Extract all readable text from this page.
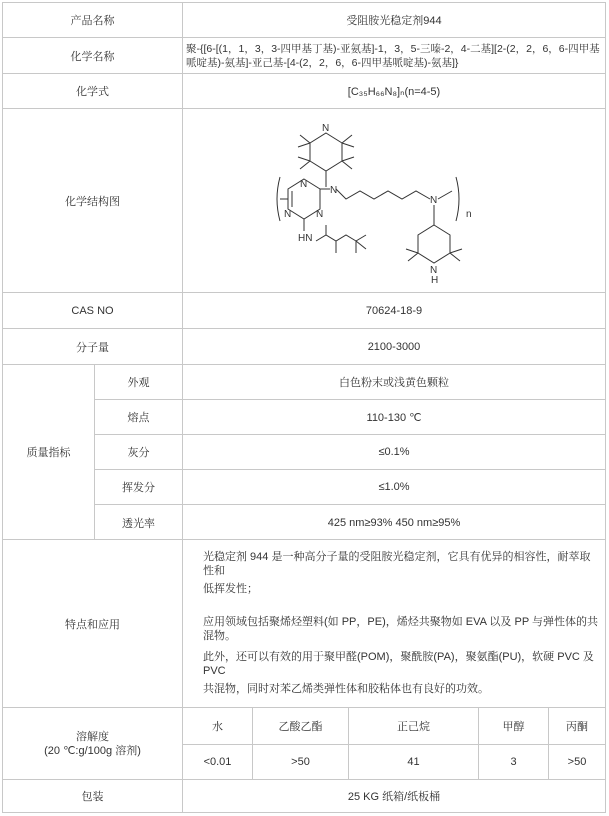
产品名称	受阻胺光稳定剂944
化学名称
聚-{[6-[(1，1，3，3-四甲基丁基)-亚氨基]-1，3，5-三嗪-2，4-二基][2-(2，2，6，6-四甲基哌啶基)-氨基]-亚己基-[4-(2，2，6，6-四甲基哌啶基)-氨基]}
化学式	[C₃₅H₆₆N₈]ₙ(n=4-5)
化学结构图
N
N
N
N N
N
n
N
H
HN
CAS NO	70624-18-9
分子量	2100-3000
质量指标
外观	白色粉末或浅黄色颗粒
熔点	110-130 ℃
灰分	≤0.1%
挥发分	≤1.0%
透光率	425 nm≥93% 450 nm≥95%
特点和应用
光稳定剂 944 是一种高分子量的受阻胺光稳定剂，它具有优异的相容性，耐萃取性和
低挥发性；
应用领域包括聚烯烃塑料(如 PP，PE)，烯烃共聚物如 EVA 以及 PP 与弹性体的共混物。
此外，还可以有效的用于聚甲醛(POM)，聚酰胺(PA)，聚氨酯(PU)，软硬 PVC 及 PVC
共混物，同时对苯乙烯类弹性体和胶粘体也有良好的功效。
溶解度
(20 ℃:g/100g 溶剂)
水	乙酸乙酯	正己烷	甲醇	丙酮
<0.01	>50	41	3	>50
包装	25 KG 纸箱/纸板桶
